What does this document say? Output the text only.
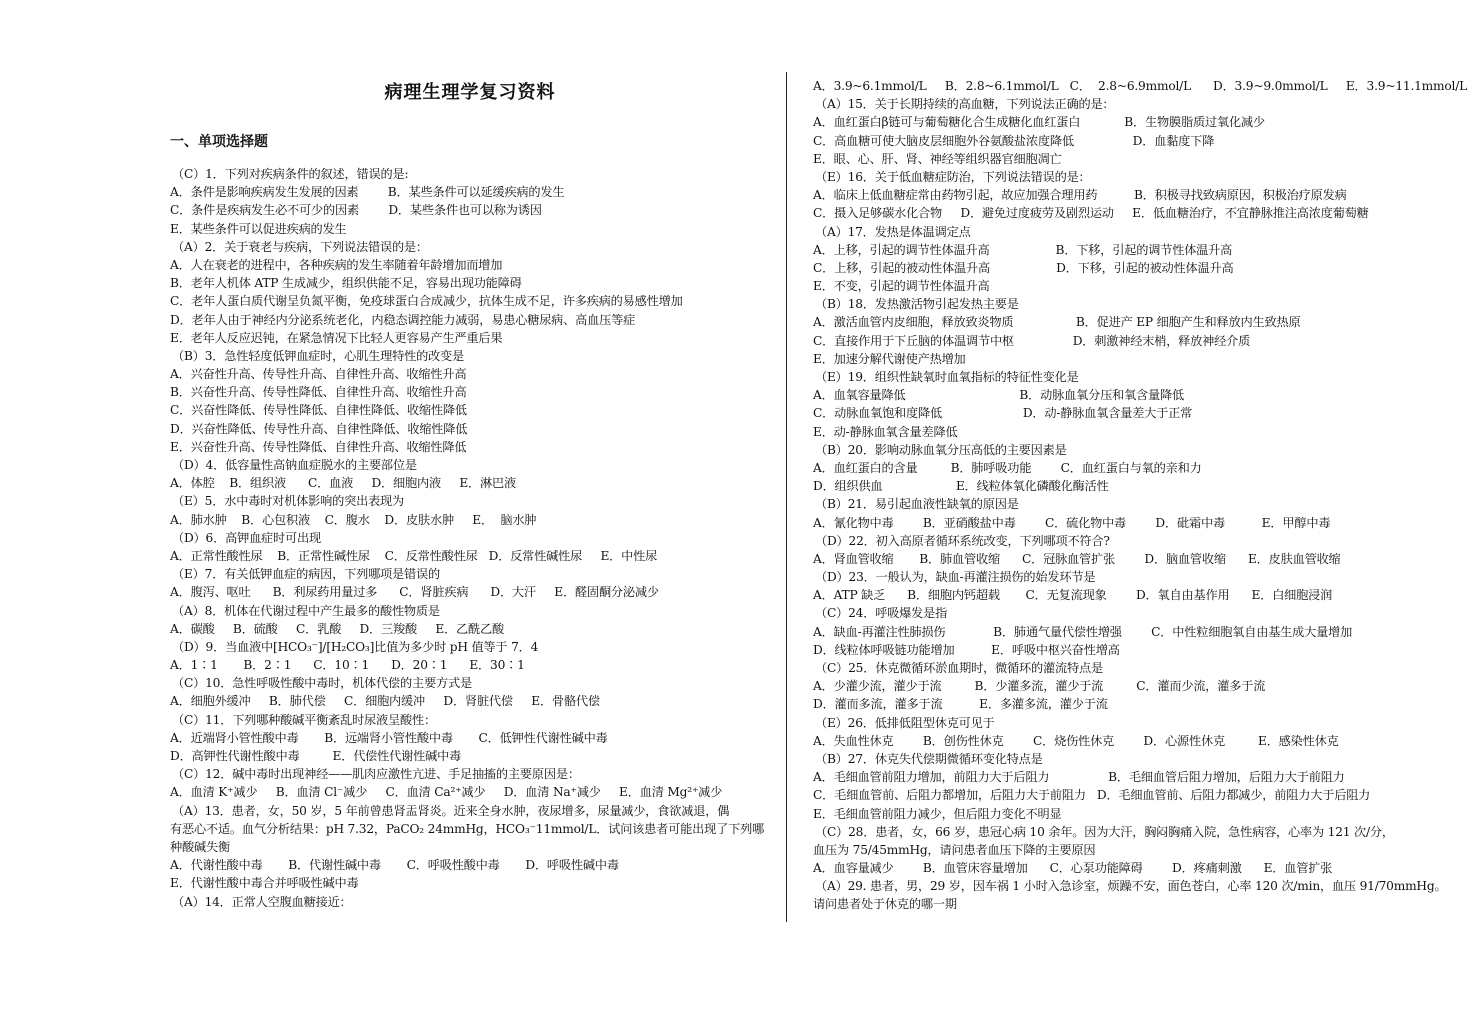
病理生理学复习资料
一、单项选择题
（C）1．下列对疾病条件的叙述，错误的是:
A．条件是影响疾病发生发展的因素        B．某些条件可以延缓疾病的发生
C．条件是疾病发生必不可少的因素        D．某些条件也可以称为诱因
E．某些条件可以促进疾病的发生
（A）2．关于衰老与疾病，下列说法错误的是：
A．人在衰老的进程中，各种疾病的发生率随着年龄增加而增加
B．老年人机体 ATP 生成减少，组织供能不足，容易出现功能障碍
C．老年人蛋白质代谢呈负氮平衡，免疫球蛋白合成减少，抗体生成不足，许多疾病的易感性增加
D．老年人由于神经内分泌系统老化，内稳态调控能力减弱，易患心糖尿病、高血压等症
E．老年人反应迟钝，在紧急情况下比轻人更容易产生严重后果
（B）3．急性轻度低钾血症时，心肌生理特性的改变是
A．兴奋性升高、传导性升高、自律性升高、收缩性升高
B．兴奋性升高、传导性降低、自律性升高、收缩性升高
C．兴奋性降低、传导性降低、自律性降低、收缩性降低
D．兴奋性降低、传导性升高、自律性降低、收缩性降低
E．兴奋性升高、传导性降低、自律性升高、收缩性降低
（D）4．低容量性高钠血症脱水的主要部位是
A．体腔    B．组织液      C．血液     D．细胞内液     E．淋巴液
（E）5．水中毒时对机体影响的突出表现为
A．肺水肿    B．心包积液    C．腹水    D．皮肤水肿     E．  脑水肿
（D）6．高钾血症时可出现
A．正常性酸性尿    B．正常性碱性尿    C．反常性酸性尿   D．反常性碱性尿     E．中性尿
（E）7．有关低钾血症的病因，下列哪项是错误的
A．腹泻、呕吐      B．利尿药用量过多      C．肾脏疾病      D．大汗     E．醛固酮分泌减少
（A）8．机体在代谢过程中产生最多的酸性物质是
A．碳酸     B．硫酸     C．乳酸     D．三羧酸     E．乙酰乙酸
（D）9．当血液中[HCO₃⁻]/[H₂CO₃]比值为多少时 pH 值等于 7．4
A．1∶1       B．2∶1      C．10∶1      D．20∶1      E．30∶1
（C）10．急性呼吸性酸中毒时，机体代偿的主要方式是
A．细胞外缓冲     B．肺代偿     C．细胞内缓冲     D．肾脏代偿     E．骨骼代偿
（C）11．下列哪种酸碱平衡紊乱时尿液呈酸性：
A．近端肾小管性酸中毒       B．远端肾小管性酸中毒       C．低钾性代谢性碱中毒
D．高钾性代谢性酸中毒         E．代偿性代谢性碱中毒
（C）12．碱中毒时出现神经——肌肉应激性亢进、手足抽搐的主要原因是：
A．血清 K⁺减少     B．血清 Cl⁻减少     C．血清 Ca²⁺减少     D．血清 Na⁺减少     E．血清 Mg²⁺减少
（A）13．患者，女，50 岁，5 年前曾患肾盂肾炎。近来全身水肿，夜尿增多，尿量减少，食欲减退，偶
有恶心不适。血气分析结果：pH 7.32，PaCO₂ 24mmHg，HCO₃⁻11mmol/L．试问该患者可能出现了下列哪
种酸碱失衡
A．代谢性酸中毒       B．代谢性碱中毒       C．呼吸性酸中毒       D．呼吸性碱中毒
E．代谢性酸中毒合并呼吸性碱中毒
（A）14．正常人空腹血糖接近：
A．3.9~6.1mmol/L     B．2.8~6.1mmol/L   C．  2.8~6.9mmol/L      D．3.9~9.0mmol/L     E．3.9~11.1mmol/L
（A）15．关于长期持续的高血糖，下列说法正确的是：
A．血红蛋白β链可与葡萄糖化合生成糖化血红蛋白            B．生物膜脂质过氧化减少
C．高血糖可使大脑皮层细胞外谷氨酸盐浓度降低                D．血黏度下降
E．眼、心、肝、肾、神经等组织器官细胞凋亡
（E）16．关于低血糖症防治，下列说法错误的是：
A．临床上低血糖症常由药物引起，故应加强合理用药          B．积极寻找致病原因，积极治疗原发病
C．摄入足够碳水化合物     D．避免过度疲劳及剧烈运动     E．低血糖治疗，不宜静脉推注高浓度葡萄糖
（A）17．发热是体温调定点
A．上移，引起的调节性体温升高                  B．下移，引起的调节性体温升高
C．上移，引起的被动性体温升高                  D．下移，引起的被动性体温升高
E．不变，引起的调节性体温升高
（B）18．发热激活物引起发热主要是
A．激活血管内皮细胞，释放致炎物质                 B．促进产 EP 细胞产生和释放内生致热原
C．直接作用于下丘脑的体温调节中枢                D．刺激神经末梢，释放神经介质
E．加速分解代谢使产热增加
（E）19．组织性缺氧时血氧指标的特征性变化是
A．血氧容量降低                               B．动脉血氧分压和氧含量降低
C．动脉血氧饱和度降低                      D．动-静脉血氧含量差大于正常
E．动-静脉血氧含量差降低
（B）20．影响动脉血氧分压高低的主要因素是
A．血红蛋白的含量         B．肺呼吸功能        C．血红蛋白与氧的亲和力
D．组织供血                    E．线粒体氧化磷酸化酶活性
（B）21．易引起血液性缺氧的原因是
A．氰化物中毒        B．亚硝酸盐中毒        C．硫化物中毒        D．砒霜中毒          E．甲醇中毒
（D）22．初入高原者循环系统改变，下列哪项不符合?
A．肾血管收缩       B．肺血管收缩      C．冠脉血管扩张        D．脑血管收缩      E．皮肤血管收缩
（D）23．一般认为，缺血-再灌注损伤的始发环节是
A．ATP 缺乏      B．细胞内钙超载       C．无复流现象        D．氧自由基作用      E．白细胞浸润
（C）24．呼吸爆发是指
A．缺血-再灌注性肺损伤             B．肺通气量代偿性增强        C．中性粒细胞氧自由基生成大量增加
D．线粒体呼吸链功能增加          E．呼吸中枢兴奋性增高
（C）25．休克微循环淤血期时，微循环的灌流特点是
A．少灌少流，灌少于流         B．少灌多流，灌少于流         C．灌而少流，灌多于流
D．灌而多流，灌多于流          E．多灌多流，灌少于流
（E）26．低排低阻型休克可见于
A．失血性休克        B．创伤性休克        C．烧伤性休克        D．心源性休克         E．感染性休克
（B）27．休克失代偿期微循环变化特点是
A．毛细血管前阻力增加，前阻力大于后阻力                B．毛细血管后阻力增加，后阻力大于前阻力
C．毛细血管前、后阻力都增加，后阻力大于前阻力   D．毛细血管前、后阻力都减少，前阻力大于后阻力
E．毛细血管前阻力减少，但后阻力变化不明显
（C）28．患者，女，66 岁，患冠心病 10 余年。因为大汗，胸闷胸痛入院，急性病容，心率为 121 次/分，
血压为 75/45mmHg，请问患者血压下降的主要原因
A．血容量减少        B．血管床容量增加      C．心泵功能障碍        D．疼痛刺激      E．血管扩张
（A）29. 患者，男，29 岁，因车祸 1 小时入急诊室，烦躁不安，面色苍白，心率 120 次/min，血压 91/70mmHg。
请问患者处于休克的哪一期
